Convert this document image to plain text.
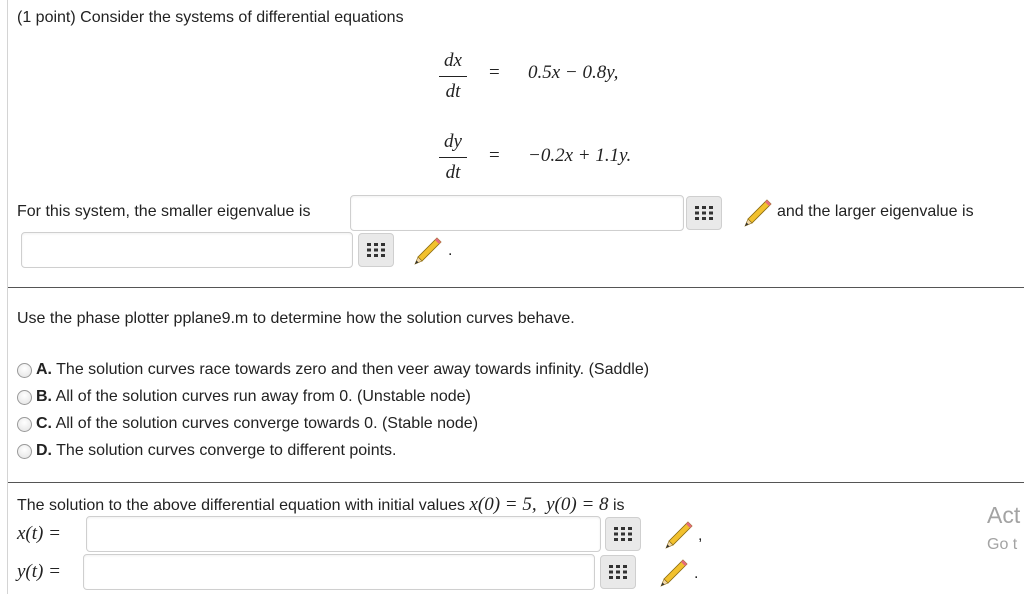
(1 point) Consider the systems of differential equations
dx
dt
= 0.5x − 0.8y,
dy
dt
= −0.2x + 1.1y.
For this system, the smaller eigenvalue is	and the larger eigenvalue is
.
Use the phase plotter pplane9.m to determine how the solution curves behave.
A. The solution curves race towards zero and then veer away towards infinity. (Saddle)
B. All of the solution curves run away from 0. (Unstable node)
C. All of the solution curves converge towards 0. (Stable node)
D. The solution curves converge to different points.
The solution to the above differential equation with initial values x(0) = 5, y(0) = 8 is
x(t) =	,
y(t) =	.
Act
Go t
